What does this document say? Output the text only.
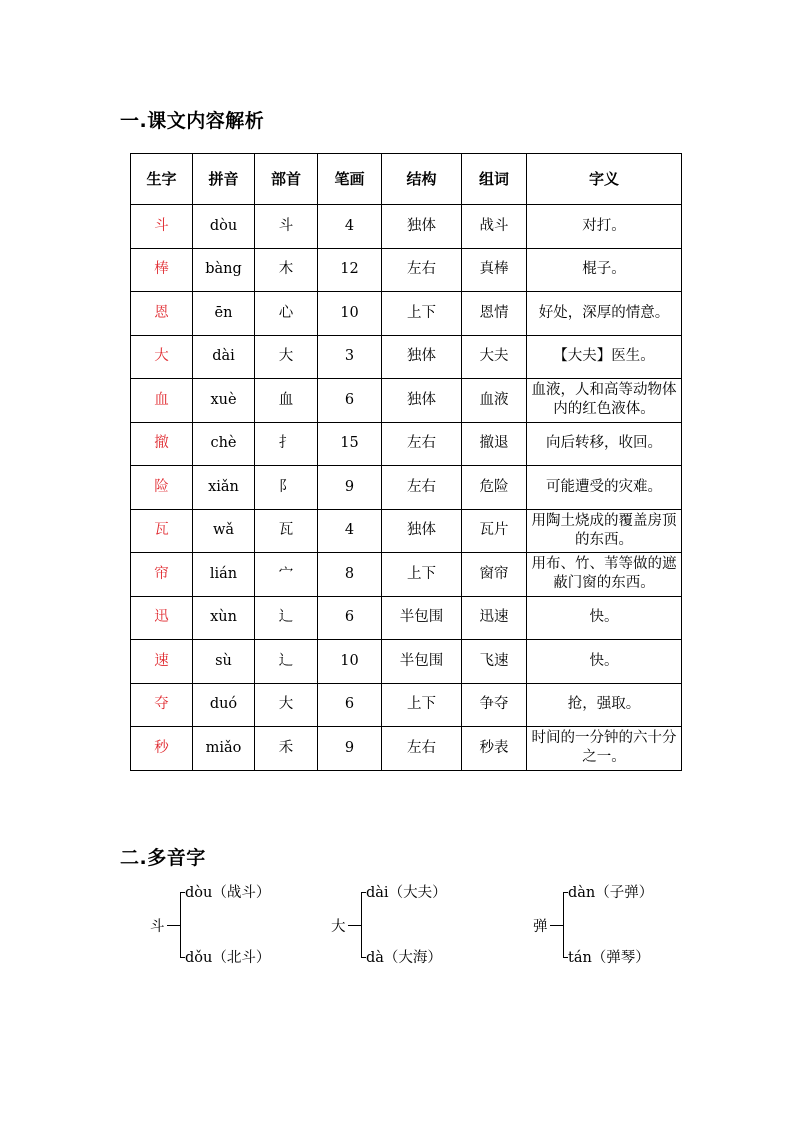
一.课文内容解析
生字	拼音	部首	笔画	结构	组词	字义
斗	dòu	斗	4	独体	战斗	对打。
棒	bàng	木	12	左右	真棒	棍子。
恩	ēn	心	10	上下	恩情	好处，深厚的情意。
大	dài	大	3	独体	大夫	【大夫】医生。
血	xuè	血	6	独体	血液	血液，人和高等动物体内的红色液体。
撤	chè	扌	15	左右	撤退	向后转移，收回。
险	xiǎn	阝	9	左右	危险	可能遭受的灾难。
瓦	wǎ	瓦	4	独体	瓦片	用陶土烧成的覆盖房顶的东西。
帘	lián	宀	8	上下	窗帘	用布、竹、苇等做的遮蔽门窗的东西。
迅	xùn	辶	6	半包围	迅速	快。
速	sù	辶	10	半包围	飞速	快。
夺	duó	大	6	上下	争夺	抢，强取。
秒	miǎo	禾	9	左右	秒表	时间的一分钟的六十分之一。
二.多音字
斗
dòu（战斗）
dǒu（北斗）
大
dài（大夫）
dà（大海）
弹
dàn（子弹）
tán（弹琴）
